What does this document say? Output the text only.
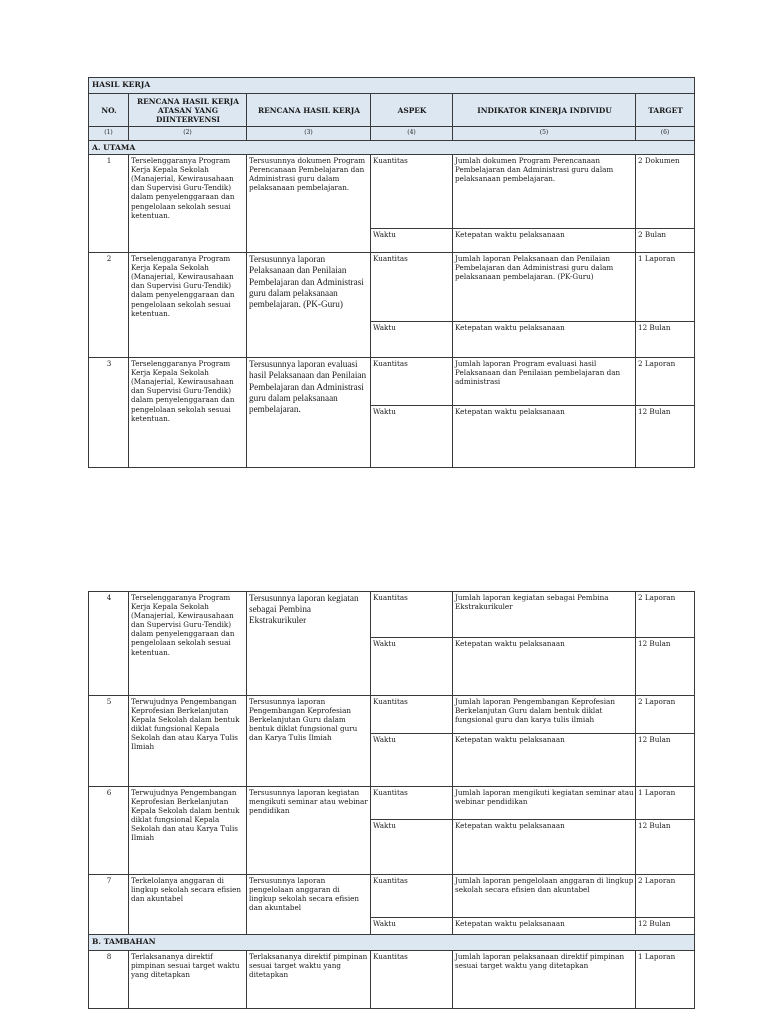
HASIL KERJA					
NO.	RENCANA HASIL KERJA ATASAN YANG DIINTERVENSI	RENCANA HASIL KERJA	ASPEK	INDIKATOR KINERJA INDIVIDU	TARGET
(1)	(2)	(3)	(4)	(5)	(6)
A. UTAMA					
1	Terselenggaranya Program Kerja Kepala Sekolah (Manajerial, Kewirausahaan dan Supervisi Guru-Tendik) dalam penyelenggaraan dan pengelolaan sekolah sesuai ketentuan.	Tersusunnya dokumen Program Perencanaan Pembelajaran dan Administrasi guru dalam pelaksanaan pembelajaran.	Kuantitas	Jumlah dokumen Program Perencanaan Pembelajaran dan Administrasi guru dalam pelaksanaan pembelajaran.	2 Dokumen
			Waktu	Ketepatan waktu pelaksanaan	2 Bulan
2	Terselenggaranya Program Kerja Kepala Sekolah (Manajerial, Kewirausahaan dan Supervisi Guru-Tendik) dalam penyelenggaraan dan pengelolaan sekolah sesuai ketentuan.	Tersusunnya laporan Pelaksanaan dan Penilaian Pembelajaran dan Administrasi guru dalam pelaksanaan pembelajaran. (PK-Guru)	Kuantitas	Jumlah laporan Pelaksanaan dan Penilaian Pembelajaran dan Administrasi guru dalam pelaksanaan pembelajaran. (PK-Guru)	1 Laporan
			Waktu	Ketepatan waktu pelaksanaan	12 Bulan
3	Terselenggaranya Program Kerja Kepala Sekolah (Manajerial, Kewirausahaan dan Supervisi Guru-Tendik) dalam penyelenggaraan dan pengelolaan sekolah sesuai ketentuan.	Tersusunnya laporan evaluasi hasil Pelaksanaan dan Penilaian Pembelajaran dan Administrasi guru dalam pelaksanaan pembelajaran.	Kuantitas	Jumlah laporan Program evaluasi hasil Pelaksanaan dan Penilaian pembelajaran dan administrasi	2 Laporan
			Waktu	Ketepatan waktu pelaksanaan	12 Bulan
4	Terselenggaranya Program Kerja Kepala Sekolah (Manajerial, Kewirausahaan dan Supervisi Guru-Tendik) dalam penyelenggaraan dan pengelolaan sekolah sesuai ketentuan.	Tersusunnya laporan kegiatan sebagai Pembina Ekstrakurikuler	Kuantitas	Jumlah laporan kegiatan sebagai Pembina Ekstrakurikuler	2 Laporan
			Waktu	Ketepatan waktu pelaksanaan	12 Bulan
5	Terwujudnya Pengembangan Keprofesian Berkelanjutan Kepala Sekolah dalam bentuk diklat fungsional Kepala Sekolah dan atau Karya Tulis Ilmiah	Tersusunnya laporan Pengembangan Keprofesian Berkelanjutan Guru dalam bentuk diklat fungsional guru dan Karya Tulis Ilmiah	Kuantitas	Jumlah laporan Pengembangan Keprofesian Berkelanjutan Guru dalam bentuk diklat fungsional guru dan karya tulis ilmiah	2 Laporan
			Waktu	Ketepatan waktu pelaksanaan	12 Bulan
6	Terwujudnya Pengembangan Keprofesian Berkelanjutan Kepala Sekolah dalam bentuk diklat fungsional Kepala Sekolah dan atau Karya Tulis Ilmiah	Tersusunnya laporan kegiatan mengikuti seminar atau webinar pendidikan	Kuantitas	Jumlah laporan mengikuti kegiatan seminar atau webinar pendidikan	1 Laporan
			Waktu	Ketepatan waktu pelaksanaan	12 Bulan
7	Terkelolanya anggaran di lingkup sekolah secara efisien dan akuntabel	Tersusunnya laporan pengelolaan anggaran di lingkup sekolah secara efisien dan akuntabel	Kuantitas	Jumlah laporan pengelolaan anggaran di lingkup sekolah secara efisien dan akuntabel	2 Laporan
			Waktu	Ketepatan waktu pelaksanaan	12 Bulan
B. TAMBAHAN					
8	Terlaksananya direktif pimpinan sesuai target waktu yang ditetapkan	Terlaksananya direktif pimpinan sesuai target waktu yang ditetapkan	Kuantitas	Jumlah laporan pelaksanaan direktif pimpinan sesuai target waktu yang ditetapkan	1 Laporan
